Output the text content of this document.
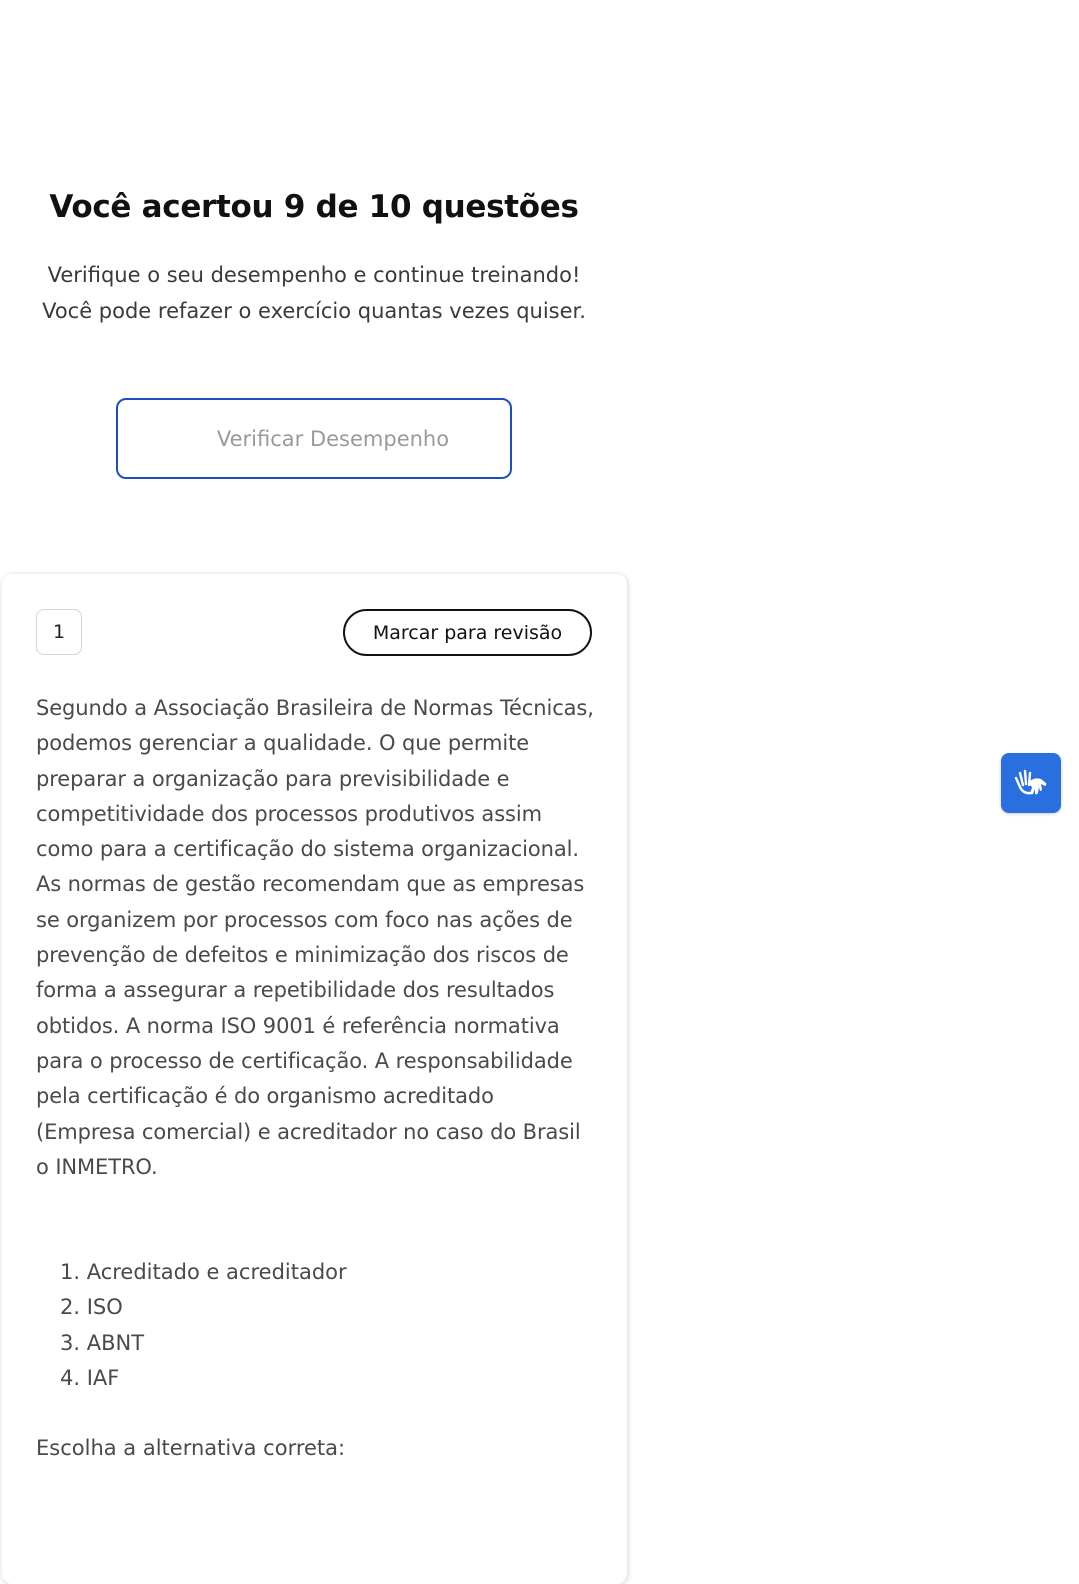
Você acertou 9 de 10 questões

Verifique o seu desempenho e continue treinando! Você pode refazer o exercício quantas vezes quiser.

Verificar Desempenho
1	Marcar para revisão

Segundo a Associação Brasileira de Normas Técnicas, podemos gerenciar a qualidade. O que permite preparar a organização para previsibilidade e competitividade dos processos produtivos assim como para a certificação do sistema organizacional. As normas de gestão recomendam que as empresas se organizem por processos com foco nas ações de prevenção de defeitos e minimização dos riscos de forma a assegurar a repetibilidade dos resultados obtidos. A norma ISO 9001 é referência normativa para o processo de certificação. A responsabilidade pela certificação é do organismo acreditado (Empresa comercial) e acreditador no caso do Brasil o INMETRO.

1. Acreditado e acreditador
2. ISO
3. ABNT
4. IAF

Escolha a alternativa correta:
